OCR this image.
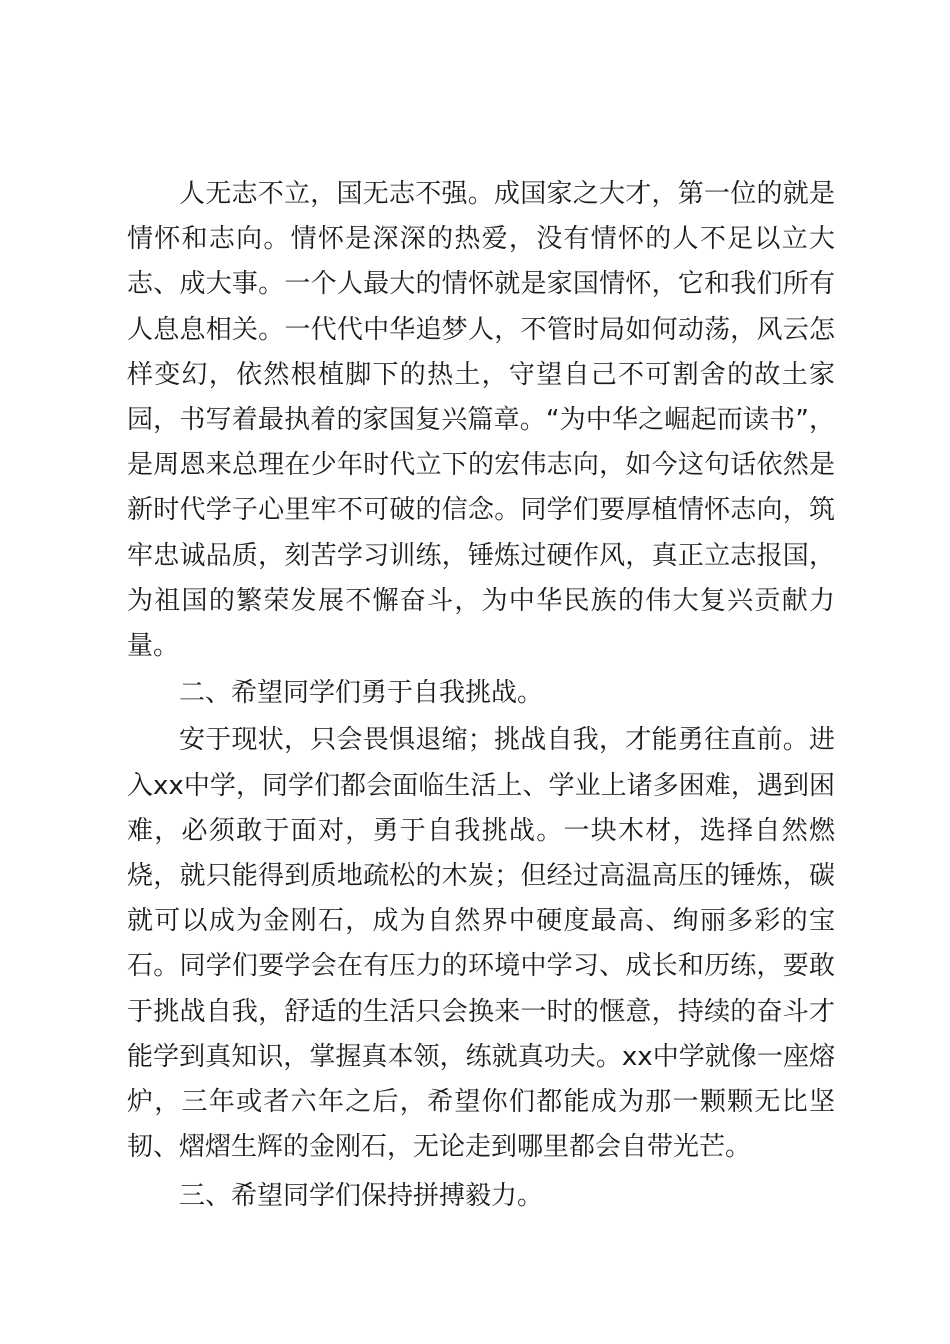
人无志不立，国无志不强。成国家之大才，第一位的就是情怀和志向。情怀是深深的热爱，没有情怀的人不足以立大志、成大事。一个人最大的情怀就是家国情怀，它和我们所有人息息相关。一代代中华追梦人，不管时局如何动荡，风云怎样变幻，依然根植脚下的热土，守望自己不可割舍的故土家园，书写着最执着的家国复兴篇章。“为中华之崛起而读书”，是周恩来总理在少年时代立下的宏伟志向，如今这句话依然是新时代学子心里牢不可破的信念。同学们要厚植情怀志向，筑牢忠诚品质，刻苦学习训练，锤炼过硬作风，真正立志报国，为祖国的繁荣发展不懈奋斗，为中华民族的伟大复兴贡献力量。

二、希望同学们勇于自我挑战。

安于现状，只会畏惧退缩；挑战自我，才能勇往直前。进入xx中学，同学们都会面临生活上、学业上诸多困难，遇到困难，必须敢于面对，勇于自我挑战。一块木材，选择自然燃烧，就只能得到质地疏松的木炭；但经过高温高压的锤炼，碳就可以成为金刚石，成为自然界中硬度最高、绚丽多彩的宝石。同学们要学会在有压力的环境中学习、成长和历练，要敢于挑战自我，舒适的生活只会换来一时的惬意，持续的奋斗才能学到真知识，掌握真本领，练就真功夫。xx中学就像一座熔炉，三年或者六年之后，希望你们都能成为那一颗颗无比坚韧、熠熠生辉的金刚石，无论走到哪里都会自带光芒。

三、希望同学们保持拼搏毅力。
